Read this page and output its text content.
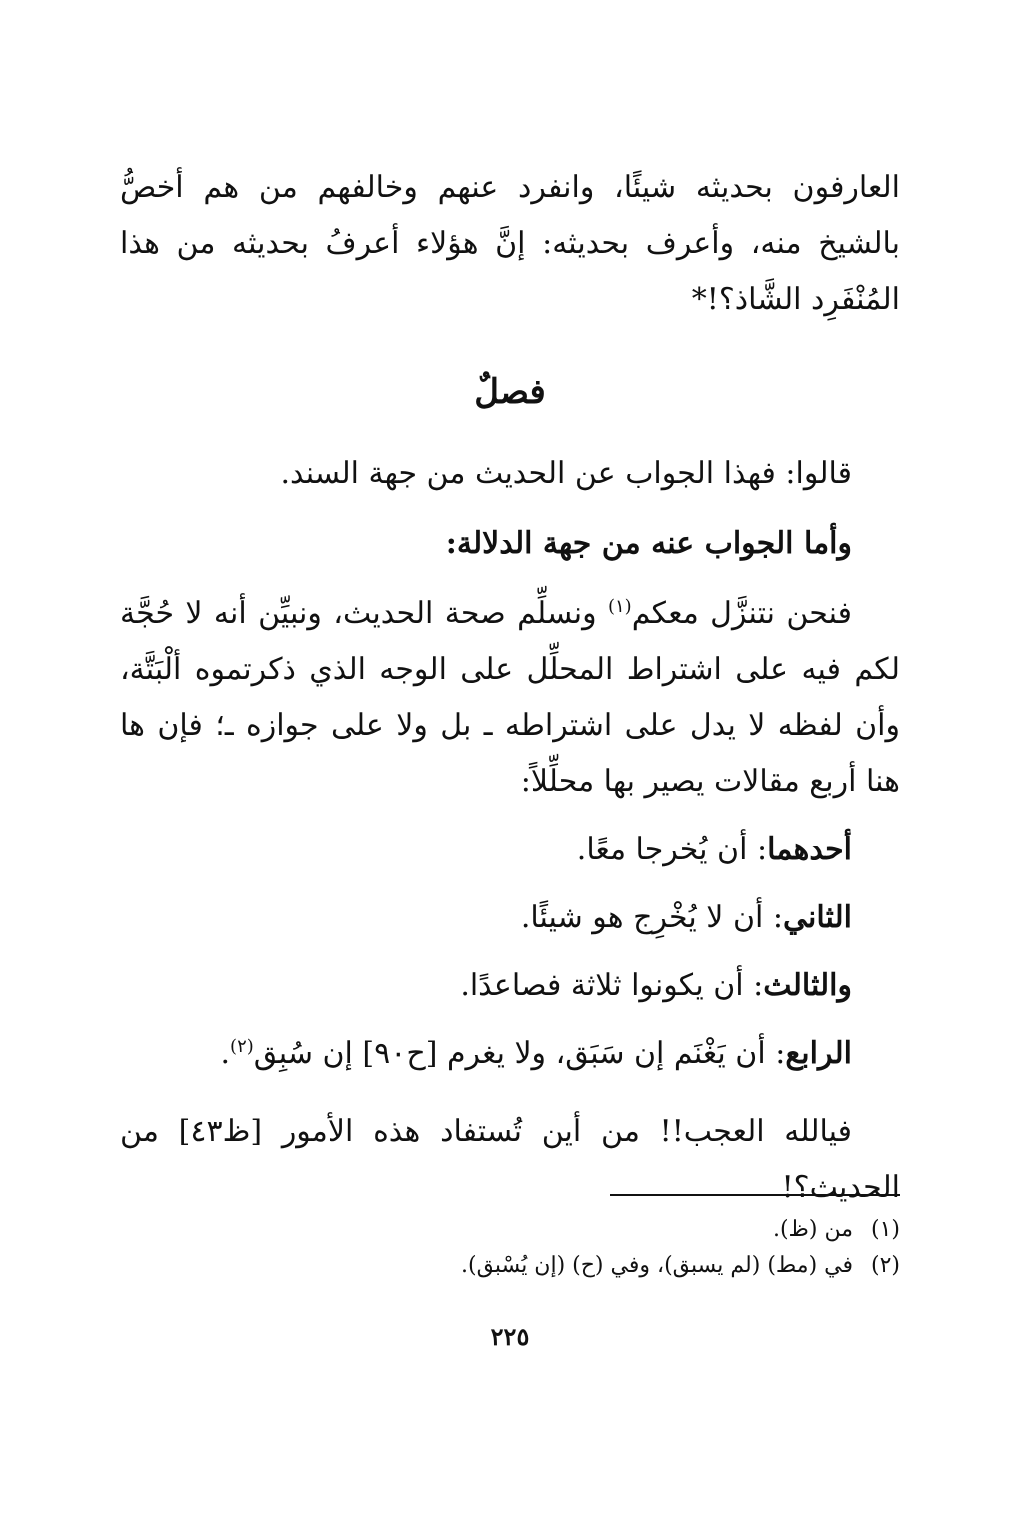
العارفون بحديثه شيئًا، وانفرد عنهم وخالفهم من هم أخصُّ بالشيخ منه، وأعرف بحديثه: إنَّ هؤلاء أعرفُ بحديثه من هذا المُنْفَرِد الشَّاذ؟!*

فصلٌ

قالوا: فهذا الجواب عن الحديث من جهة السند.

وأما الجواب عنه من جهة الدلالة:

فنحن نتنزَّل معكم$^{(١)}$ ونسلِّم صحة الحديث، ونبيِّن أنه لا حُجَّة لكم فيه على اشتراط المحلِّل على الوجه الذي ذكرتموه ألْبَتَّة، وأن لفظه لا يدل على اشتراطه ـ بل ولا على جوازه ـ؛ فإن ها هنا أربع مقالات يصير بها محلِّلاً:

أحدهما: أن يُخرجا معًا.
الثاني: أن لا يُخْرِج هو شيئًا.
والثالث: أن يكونوا ثلاثة فصاعدًا.
الرابع: أن يَغْنَم إن سَبَق، ولا يغرم [ح٩٠] إن سُبِق$^{(٢)}$.

فيالله العجب!! من أين تُستفاد هذه الأمور [ظ٤٣] من الحديث؟!

(١) من (ظ).

(٢) في (مط) (لم يسبق)، وفي (ح) (إن يُسْبق).

٢٢٥
